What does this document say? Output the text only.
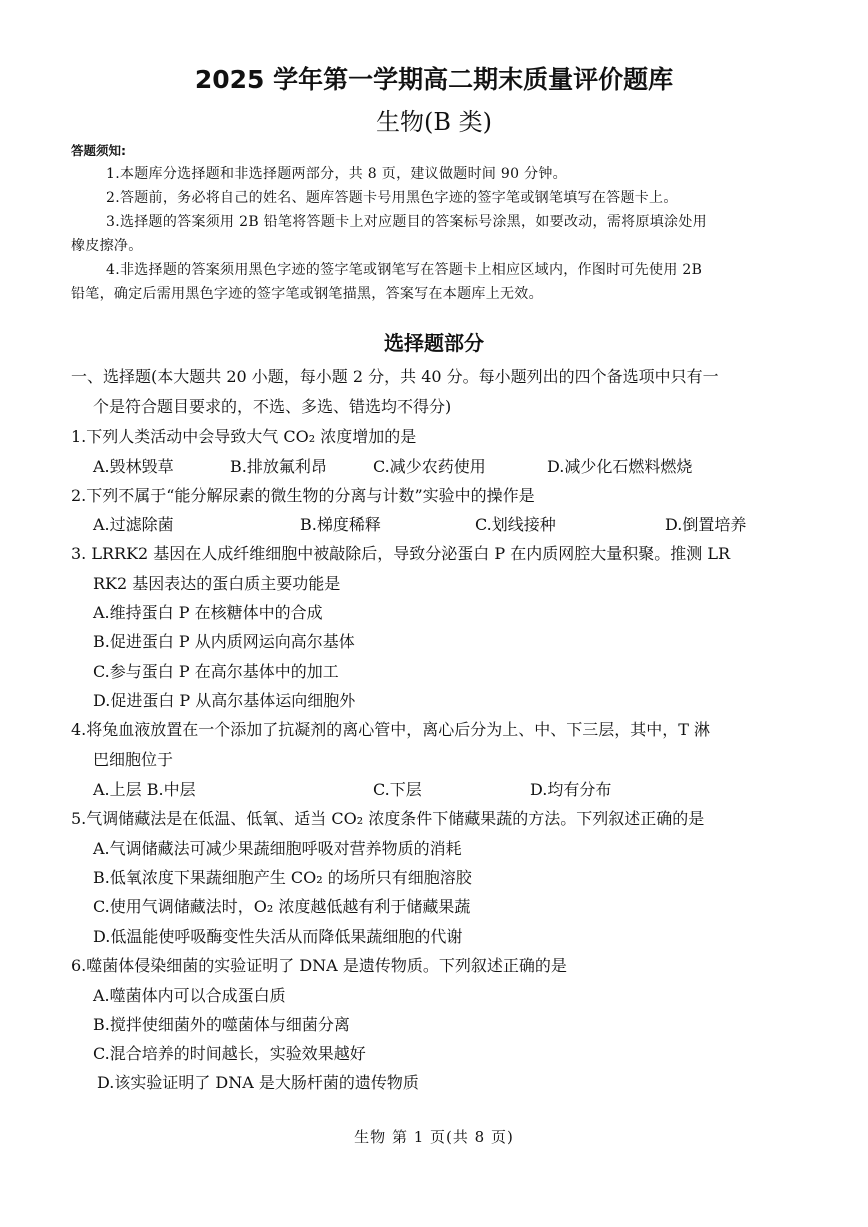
2025 学年第一学期高二期末质量评价题库
生物(B 类)
答题须知:
1.本题库分选择题和非选择题两部分，共 8 页，建议做题时间 90 分钟。
2.答题前，务必将自己的姓名、题库答题卡号用黑色字迹的签字笔或钢笔填写在答题卡上。
3.选择题的答案须用 2B 铅笔将答题卡上对应题目的答案标号涂黑，如要改动，需将原填涂处用
橡皮擦净。
4.非选择题的答案须用黑色字迹的签字笔或钢笔写在答题卡上相应区域内，作图时可先使用 2B
铅笔，确定后需用黑色字迹的签字笔或钢笔描黑，答案写在本题库上无效。
选择题部分
一、选择题(本大题共 20 小题，每小题 2 分，共 40 分。每小题列出的四个备选项中只有一
个是符合题目要求的，不选、多选、错选均不得分)
1.下列人类活动中会导致大气 CO₂ 浓度增加的是
A.毁林毁草	B.排放氟利昂	C.减少农药使用	D.减少化石燃料燃烧
2.下列不属于“能分解尿素的微生物的分离与计数”实验中的操作是
A.过滤除菌	B.梯度稀释	C.划线接种	D.倒置培养
3. LRRK2 基因在人成纤维细胞中被敲除后，导致分泌蛋白 P 在内质网腔大量积聚。推测 LR
RK2 基因表达的蛋白质主要功能是
A.维持蛋白 P 在核糖体中的合成
B.促进蛋白 P 从内质网运向高尔基体
C.参与蛋白 P 在高尔基体中的加工
D.促进蛋白 P 从高尔基体运向细胞外
4.将兔血液放置在一个添加了抗凝剂的离心管中，离心后分为上、中、下三层，其中，T 淋
巴细胞位于
A.上层 B.中层	C.下层	D.均有分布
5.气调储藏法是在低温、低氧、适当 CO₂ 浓度条件下储藏果蔬的方法。下列叙述正确的是
A.气调储藏法可减少果蔬细胞呼吸对营养物质的消耗
B.低氧浓度下果蔬细胞产生 CO₂ 的场所只有细胞溶胶
C.使用气调储藏法时，O₂ 浓度越低越有利于储藏果蔬
D.低温能使呼吸酶变性失活从而降低果蔬细胞的代谢
6.噬菌体侵染细菌的实验证明了 DNA 是遗传物质。下列叙述正确的是
A.噬菌体内可以合成蛋白质
B.搅拌使细菌外的噬菌体与细菌分离
C.混合培养的时间越长，实验效果越好
D.该实验证明了 DNA 是大肠杆菌的遗传物质
生物 第 1 页(共 8 页)
